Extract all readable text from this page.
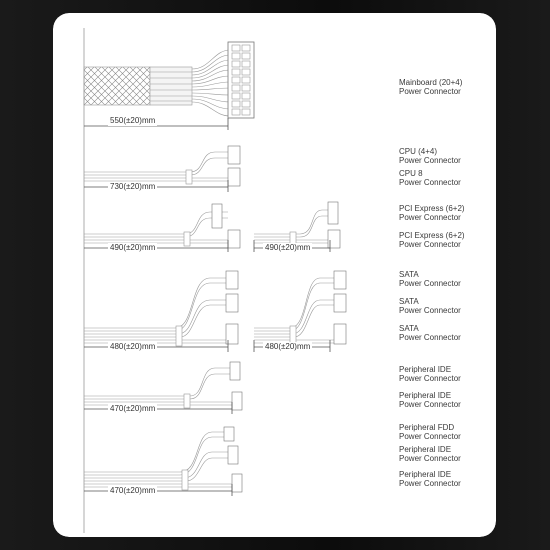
550(±20)mm
730(±20)mm
490(±20)mm	490(±20)mm
480(±20)mm	480(±20)mm
470(±20)mm
470(±20)mm
Mainboard (20+4)
Power Connector
CPU (4+4)
Power Connector
CPU 8
Power Connector
PCI Express (6+2)
Power Connector
PCI Express (6+2)
Power Connector
SATA
Power Connector
SATA
Power Connector
SATA
Power Connector
Peripheral IDE
Power Connector
Peripheral IDE
Power Connector
Peripheral FDD
Power Connector
Peripheral IDE
Power Connector
Peripheral IDE
Power Connector
